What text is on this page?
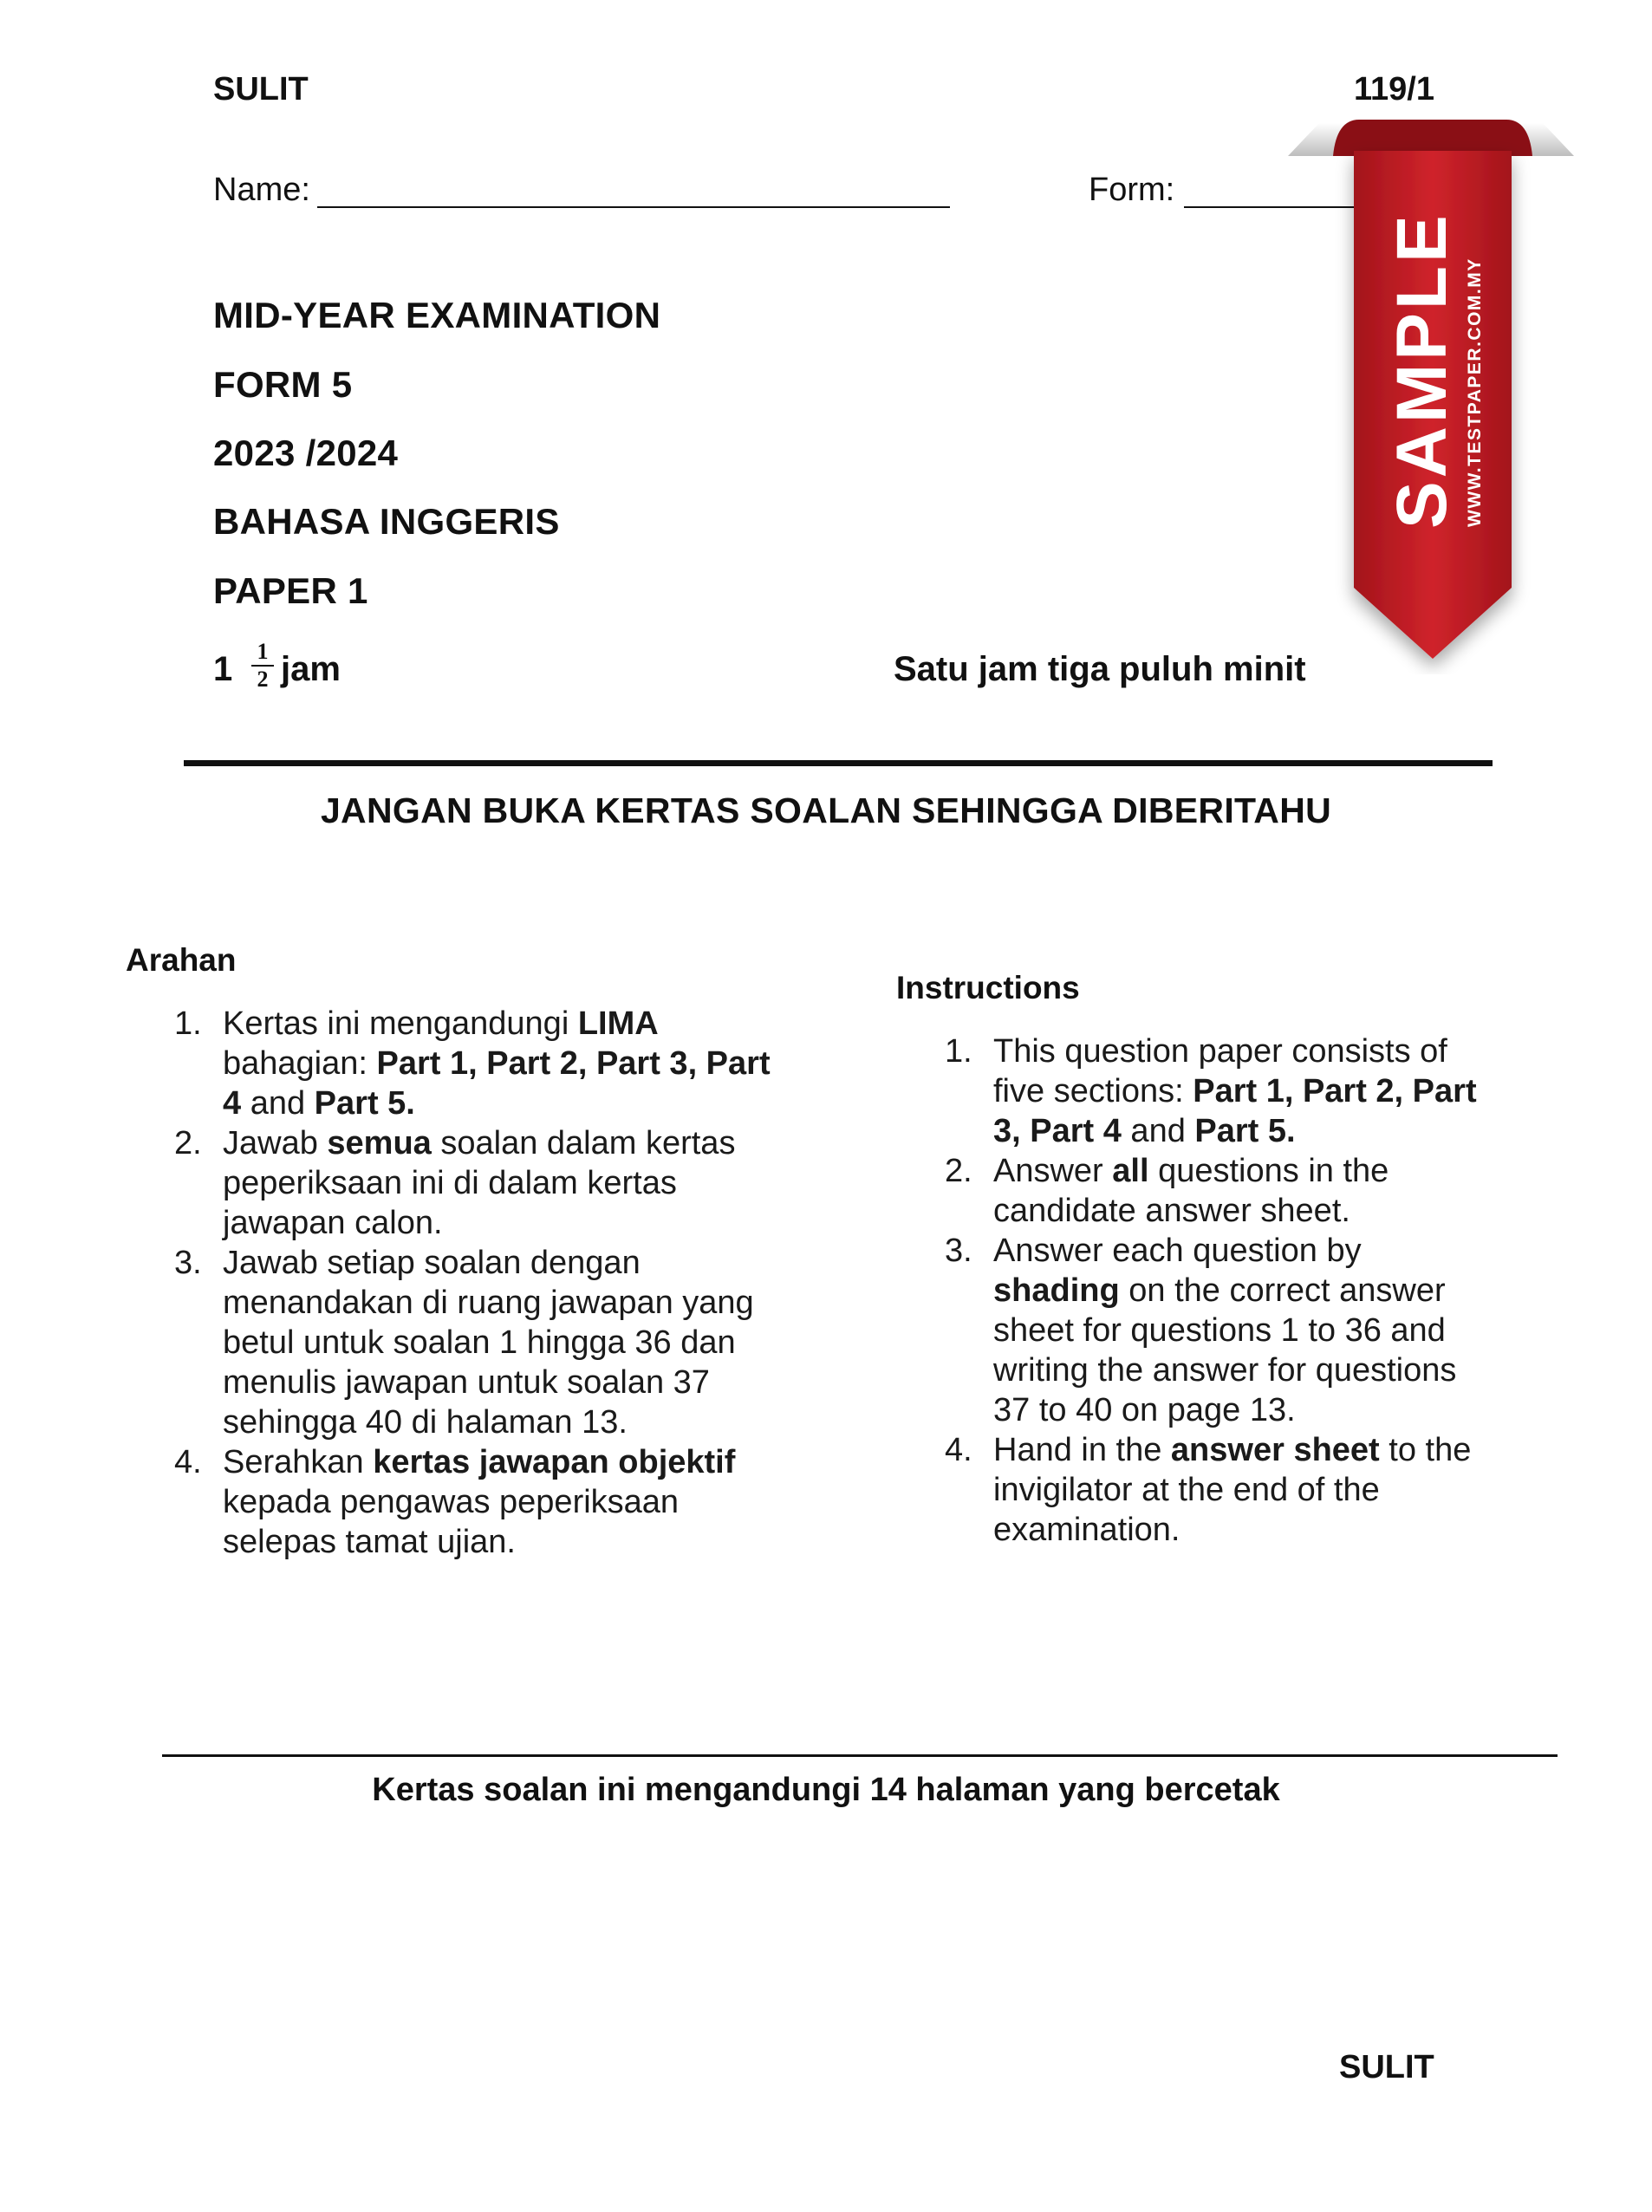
SULIT	119/1
Name:	Form:
MID-YEAR EXAMINATION
FORM 5
2023 /2024
BAHASA INGGERIS
PAPER 1
1	1
2 jam	Satu jam tiga puluh minit
SAMPLE WWW.TESTPAPER.COM.MY
JANGAN BUKA KERTAS SOALAN SEHINGGA DIBERITAHU
Arahan
1. Kertas ini mengandungi LIMA
bahagian: Part 1, Part 2, Part 3, Part
4 and Part 5.
2. Jawab semua soalan dalam kertas
peperiksaan ini di dalam kertas
jawapan calon.
3. Jawab setiap soalan dengan
menandakan di ruang jawapan yang
betul untuk soalan 1 hingga 36 dan
menulis jawapan untuk soalan 37
sehingga 40 di halaman 13.
4. Serahkan kertas jawapan objektif
kepada pengawas peperiksaan
selepas tamat ujian.
Instructions
1. This question paper consists of
five sections: Part 1, Part 2, Part
3, Part 4 and Part 5.
2. Answer all questions in the
candidate answer sheet.
3. Answer each question by
shading on the correct answer
sheet for questions 1 to 36 and
writing the answer for questions
37 to 40 on page 13.
4. Hand in the answer sheet to the
invigilator at the end of the
examination.
Kertas soalan ini mengandungi 14 halaman yang bercetak
SULIT
